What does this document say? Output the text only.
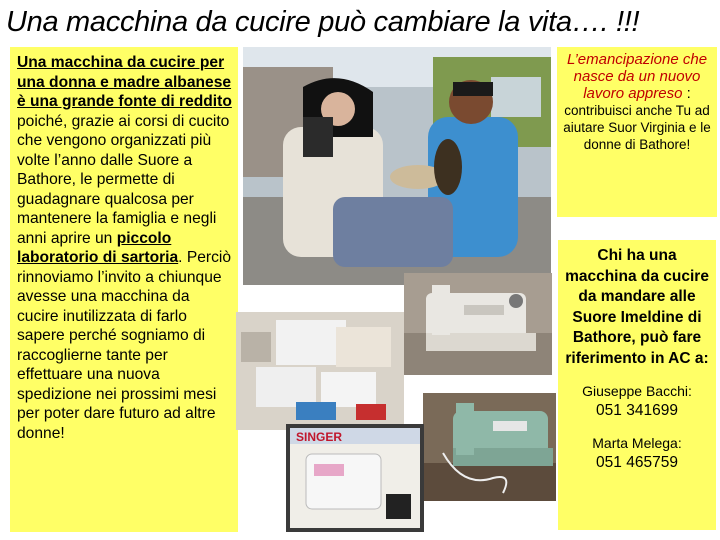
Una macchina da cucire può cambiare la vita…. !!!
Una macchina da cucire per una donna e madre albanese è una grande fonte di reddito poiché, grazie ai corsi di cucito che vengono organizzati più volte l’anno dalle Suore a Bathore, le permette di guadagnare qualcosa per mantenere la famiglia e negli anni aprire un piccolo laboratorio di sartoria. Perciò rinnoviamo l’invito a chiunque avesse una macchina da cucire inutilizzata di farlo sapere perché sogniamo di raccoglierne tante per effettuare una nuova spedizione nei prossimi mesi per poter dare futuro ad altre donne!
L’emancipazione che nasce da un nuovo lavoro appreso :
contribuisci anche Tu ad aiutare Suor Virginia e le donne di Bathore!
SINGER
Chi ha una macchina da cucire da mandare alle Suore Imeldine di Bathore, può fare riferimento in AC a:
Giuseppe Bacchi:
051 341699
Marta Melega:
051 465759
